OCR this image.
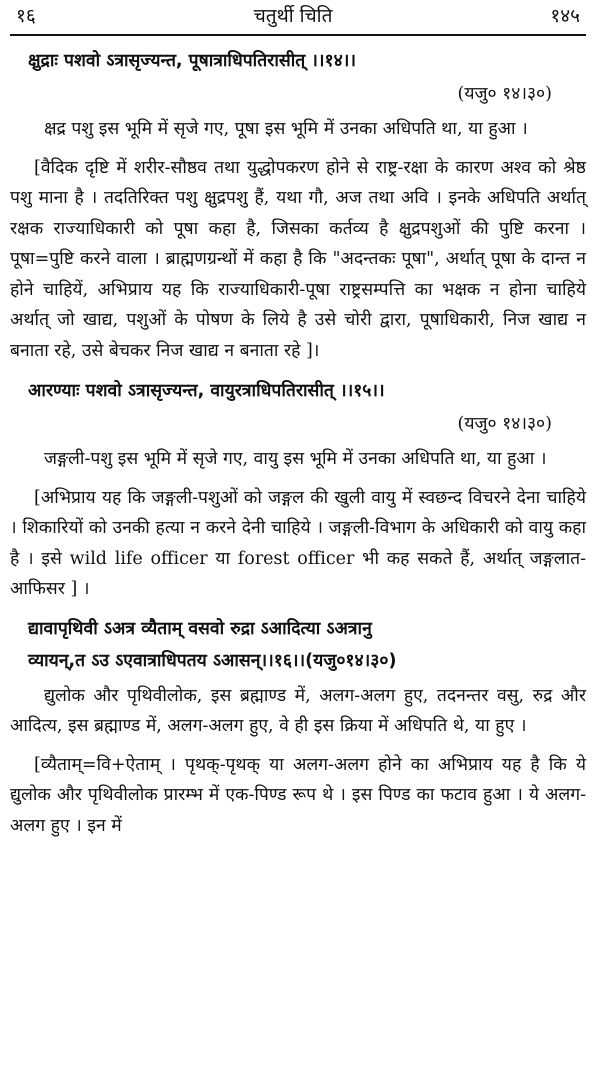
१६	चतुर्थी चिति	१४५
क्षुद्राः पशवो ऽत्रासृज्यन्त, पूषात्राधिपतिरासीत् ।।१४।।
(यजु० १४।३०)

क्षद्र पशु इस भूमि में सृजे गए, पूषा इस भूमि में उनका अधिपति था, या हुआ ।

[वैदिक दृष्टि में शरीर-सौष्ठव तथा युद्धोपकरण होने से राष्ट्र-रक्षा के कारण अश्व को श्रेष्ठ पशु माना है । तदतिरिक्त पशु क्षुद्रपशु हैं, यथा गौ, अज तथा अवि । इनके अधिपति अर्थात् रक्षक राज्याधिकारी को पूषा कहा है, जिसका कर्तव्य है क्षुद्रपशुओं की पुष्टि करना । पूषा=पुष्टि करने वाला । ब्राह्मणग्रन्थों में कहा है कि "अदन्तकः पूषा", अर्थात् पूषा के दान्त न होने चाहियें, अभिप्राय यह कि राज्याधिकारी-पूषा राष्ट्रसम्पत्ति का भक्षक न होना चाहिये अर्थात् जो खाद्य, पशुओं के पोषण के लिये है उसे चोरी द्वारा, पूषाधिकारी, निज खाद्य न बनाता रहे, उसे बेचकर निज खाद्य न बनाता रहे ]।

आरण्याः पशवो ऽत्रासृज्यन्त, वायुरत्राधिपतिरासीत् ।।१५।।
(यजु० १४।३०)

जङ्गली-पशु इस भूमि में सृजे गए, वायु इस भूमि में उनका अधिपति था, या हुआ ।

[अभिप्राय यह कि जङ्गली-पशुओं को जङ्गल की खुली वायु में स्वछन्द विचरने देना चाहिये । शिकारियों को उनकी हत्या न करने देनी चाहिये । जङ्गली-विभाग के अधिकारी को वायु कहा है । इसे wild life officer या forest officer भी कह सकते हैं, अर्थात् जङ्गलात-आफिसर ] ।

द्यावापृथिवी ऽअत्र व्यैताम् वसवो रुद्रा ऽआदित्या ऽअत्रानु
व्यायन्,त ऽउ ऽएवात्राधिपतय ऽआसन्।।१६।।(यजु०१४।३०)

द्युलोक और पृथिवीलोक, इस ब्रह्माण्ड में, अलग-अलग हुए, तदनन्तर वसु, रुद्र और आदित्य, इस ब्रह्माण्ड में, अलग-अलग हुए, वे ही इस क्रिया में अधिपति थे, या हुए ।

[व्यैताम्=वि+ऐताम् । पृथक्-पृथक् या अलग-अलग होने का अभिप्राय यह है कि ये द्युलोक और पृथिवीलोक प्रारम्भ में एक-पिण्ड रूप थे । इस पिण्ड का फटाव हुआ । ये अलग-अलग हुए । इन में
